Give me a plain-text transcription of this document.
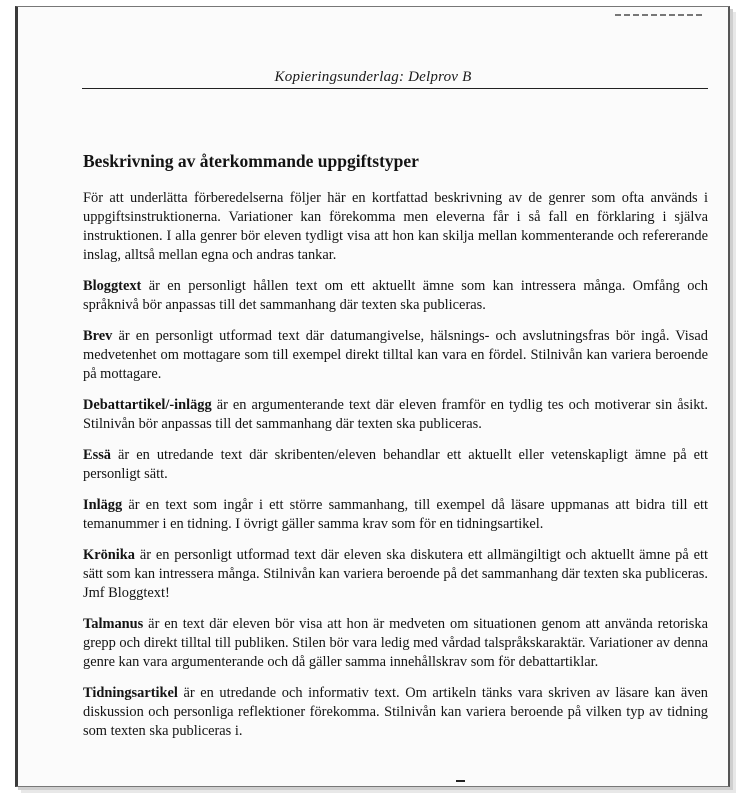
Kopieringsunderlag: Delprov B
Beskrivning av återkommande uppgiftstyper

För att underlätta förberedelserna följer här en kortfattad beskrivning av de genrer som ofta används i uppgiftsinstruktionerna. Variationer kan förekomma men eleverna får i så fall en förklaring i själva instruktionen. I alla genrer bör eleven tydligt visa att hon kan skilja mellan kommenterande och refererande inslag, alltså mellan egna och andras tankar.

Bloggtext är en personligt hållen text om ett aktuellt ämne som kan intressera många. Omfång och språknivå bör anpassas till det sammanhang där texten ska publiceras.

Brev är en personligt utformad text där datumangivelse, hälsnings- och avslutningsfras bör ingå. Visad medvetenhet om mottagare som till exempel direkt tilltal kan vara en fördel. Stilnivån kan variera beroende på mottagare.

Debattartikel/-inlägg är en argumenterande text där eleven framför en tydlig tes och motiverar sin åsikt. Stilnivån bör anpassas till det sammanhang där texten ska publiceras.

Essä är en utredande text där skribenten/eleven behandlar ett aktuellt eller vetenskapligt ämne på ett personligt sätt.

Inlägg är en text som ingår i ett större sammanhang, till exempel då läsare uppmanas att bidra till ett temanummer i en tidning. I övrigt gäller samma krav som för en tidningsartikel.

Krönika är en personligt utformad text där eleven ska diskutera ett allmängiltigt och aktuellt ämne på ett sätt som kan intressera många. Stilnivån kan variera beroende på det sammanhang där texten ska publiceras. Jmf Bloggtext!

Talmanus är en text där eleven bör visa att hon är medveten om situationen genom att använda retoriska grepp och direkt tilltal till publiken. Stilen bör vara ledig med vårdad talspråkskaraktär. Variationer av denna genre kan vara argumenterande och då gäller samma innehållskrav som för debattartiklar.

Tidningsartikel är en utredande och informativ text. Om artikeln tänks vara skriven av läsare kan även diskussion och personliga reflektioner förekomma. Stilnivån kan variera beroende på vilken typ av tidning som texten ska publiceras i.
